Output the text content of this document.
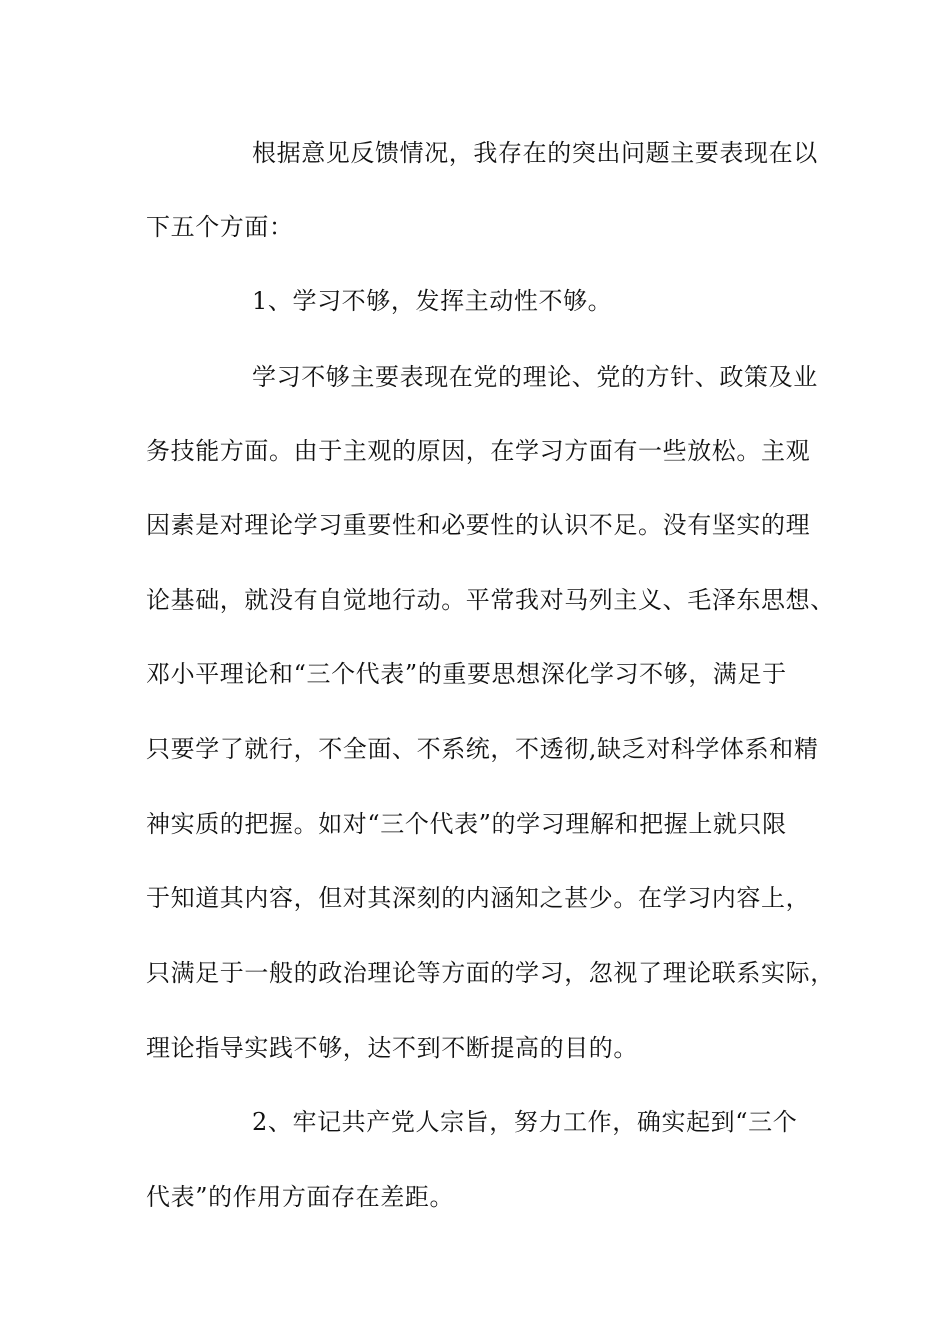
根据意见反馈情况，我存在的突出问题主要表现在以
下五个方面：
1、学习不够，发挥主动性不够。
学习不够主要表现在党的理论、党的方针、政策及业
务技能方面。由于主观的原因，在学习方面有一些放松。主观
因素是对理论学习重要性和必要性的认识不足。没有坚实的理
论基础，就没有自觉地行动。平常我对马列主义、毛泽东思想、
邓小平理论和“三个代表”的重要思想深化学习不够，满足于
只要学了就行，不全面、不系统，不透彻,缺乏对科学体系和精
神实质的把握。如对“三个代表”的学习理解和把握上就只限
于知道其内容，但对其深刻的内涵知之甚少。在学习内容上，
只满足于一般的政治理论等方面的学习，忽视了理论联系实际，
理论指导实践不够，达不到不断提高的目的。
2、牢记共产党人宗旨，努力工作，确实起到“三个
代表”的作用方面存在差距。
